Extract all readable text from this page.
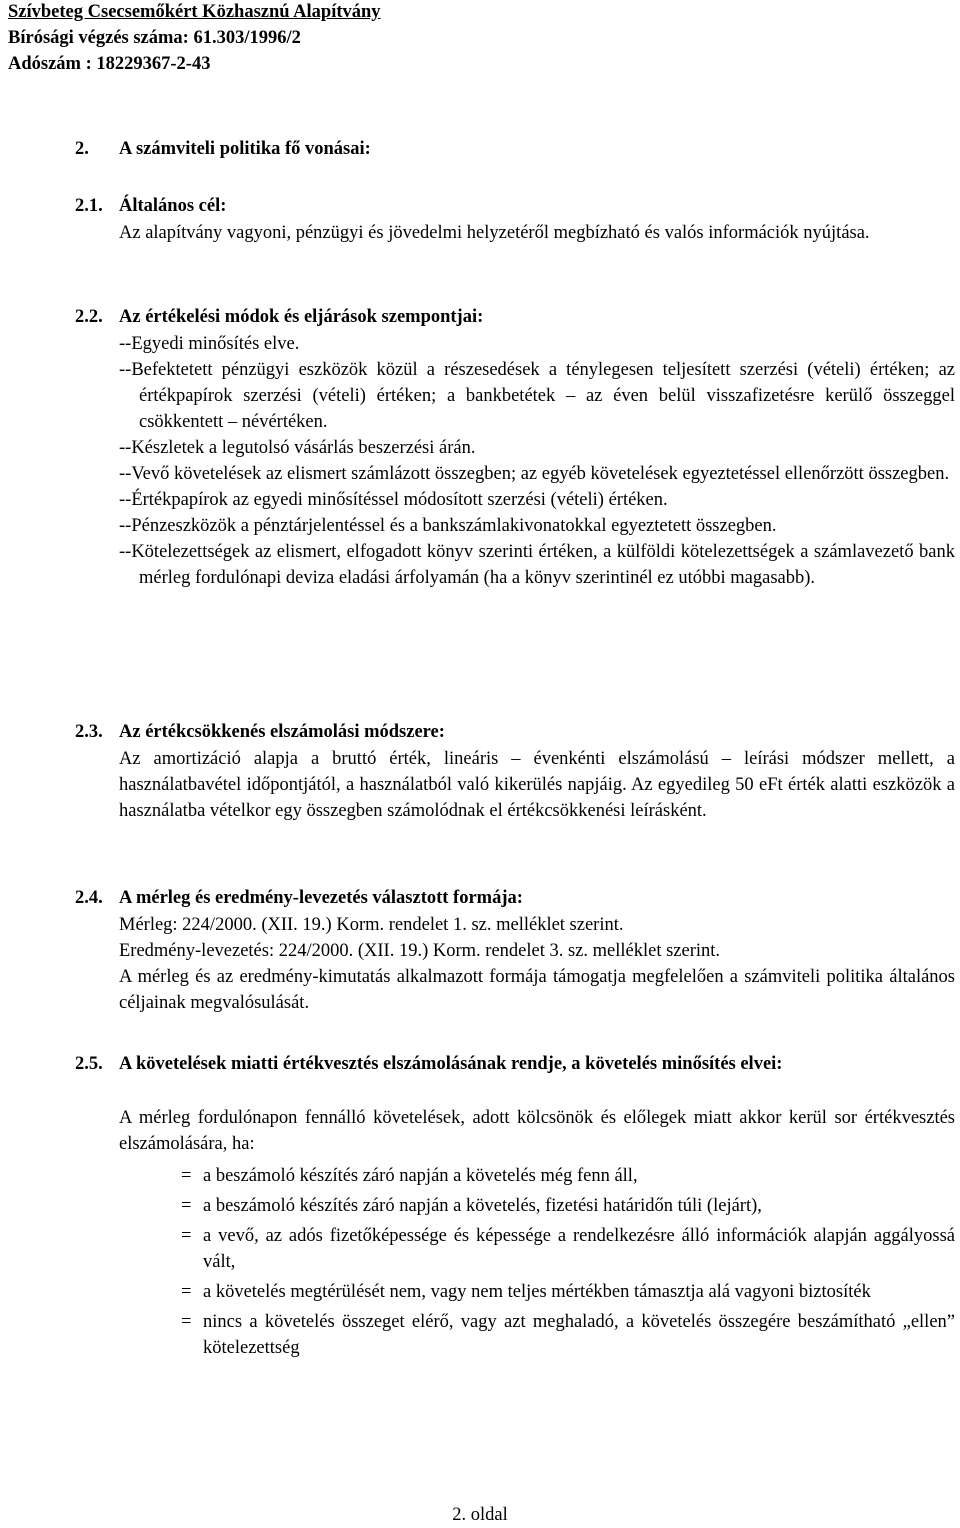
Szívbeteg Csecsemőkért Közhasznú Alapítvány
Bírósági végzés száma: 61.303/1996/2
Adószám : 18229367-2-43
2. A számviteli politika fő vonásai:
2.1. Általános cél:

Az alapítvány vagyoni, pénzügyi és jövedelmi helyzetéről megbízható és valós információk nyújtása.

2.2. Az értékelési módok és eljárások szempontjai:

--Egyedi minősítés elve.

--Befektetett pénzügyi eszközök közül a részesedések a ténylegesen teljesített szerzési (vételi) értéken; az értékpapírok szerzési (vételi) értéken; a bankbetétek – az éven belül visszafizetésre kerülő összeggel csökkentett – névértéken.

--Készletek a legutolsó vásárlás beszerzési árán.

--Vevő követelések az elismert számlázott összegben; az egyéb követelések egyeztetéssel ellenőrzött összegben.

--Értékpapírok az egyedi minősítéssel módosított szerzési (vételi) értéken.

--Pénzeszközök a pénztárjelentéssel és a bankszámlakivonatokkal egyeztetett összegben.

--Kötelezettségek az elismert, elfogadott könyv szerinti értéken, a külföldi kötelezettségek a számlavezető bank mérleg fordulónapi deviza eladási árfolyamán (ha a könyv szerintinél ez utóbbi magasabb).

2.3. Az értékcsökkenés elszámolási módszere:

Az amortizáció alapja a bruttó érték, lineáris – évenkénti elszámolású – leírási módszer mellett, a használatbavétel időpontjától, a használatból való kikerülés napjáig. Az egyedileg 50 eFt érték alatti eszközök a használatba vételkor egy összegben számolódnak el értékcsökkenési leírásként.

2.4. A mérleg és eredmény-levezetés választott formája:

Mérleg: 224/2000. (XII. 19.) Korm. rendelet 1. sz. melléklet szerint.

Eredmény-levezetés: 224/2000. (XII. 19.) Korm. rendelet 3. sz. melléklet szerint.

A mérleg és az eredmény-kimutatás alkalmazott formája támogatja megfelelően a számviteli politika általános céljainak megvalósulását.

2.5. A követelések miatti értékvesztés elszámolásának rendje, a követelés minősítés elvei:

A mérleg fordulónapon fennálló követelések, adott kölcsönök és előlegek miatt akkor kerül sor értékvesztés elszámolására, ha:

= a beszámoló készítés záró napján a követelés még fenn áll,
= a beszámoló készítés záró napján a követelés, fizetési határidőn túli (lejárt),
= a vevő, az adós fizetőképessége és képessége a rendelkezésre álló információk alapján aggályossá vált,
= a követelés megtérülését nem, vagy nem teljes mértékben támasztja alá vagyoni biztosíték
= nincs a követelés összeget elérő, vagy azt meghaladó, a követelés összegére beszámítható „ellen” kötelezettség
2. oldal
